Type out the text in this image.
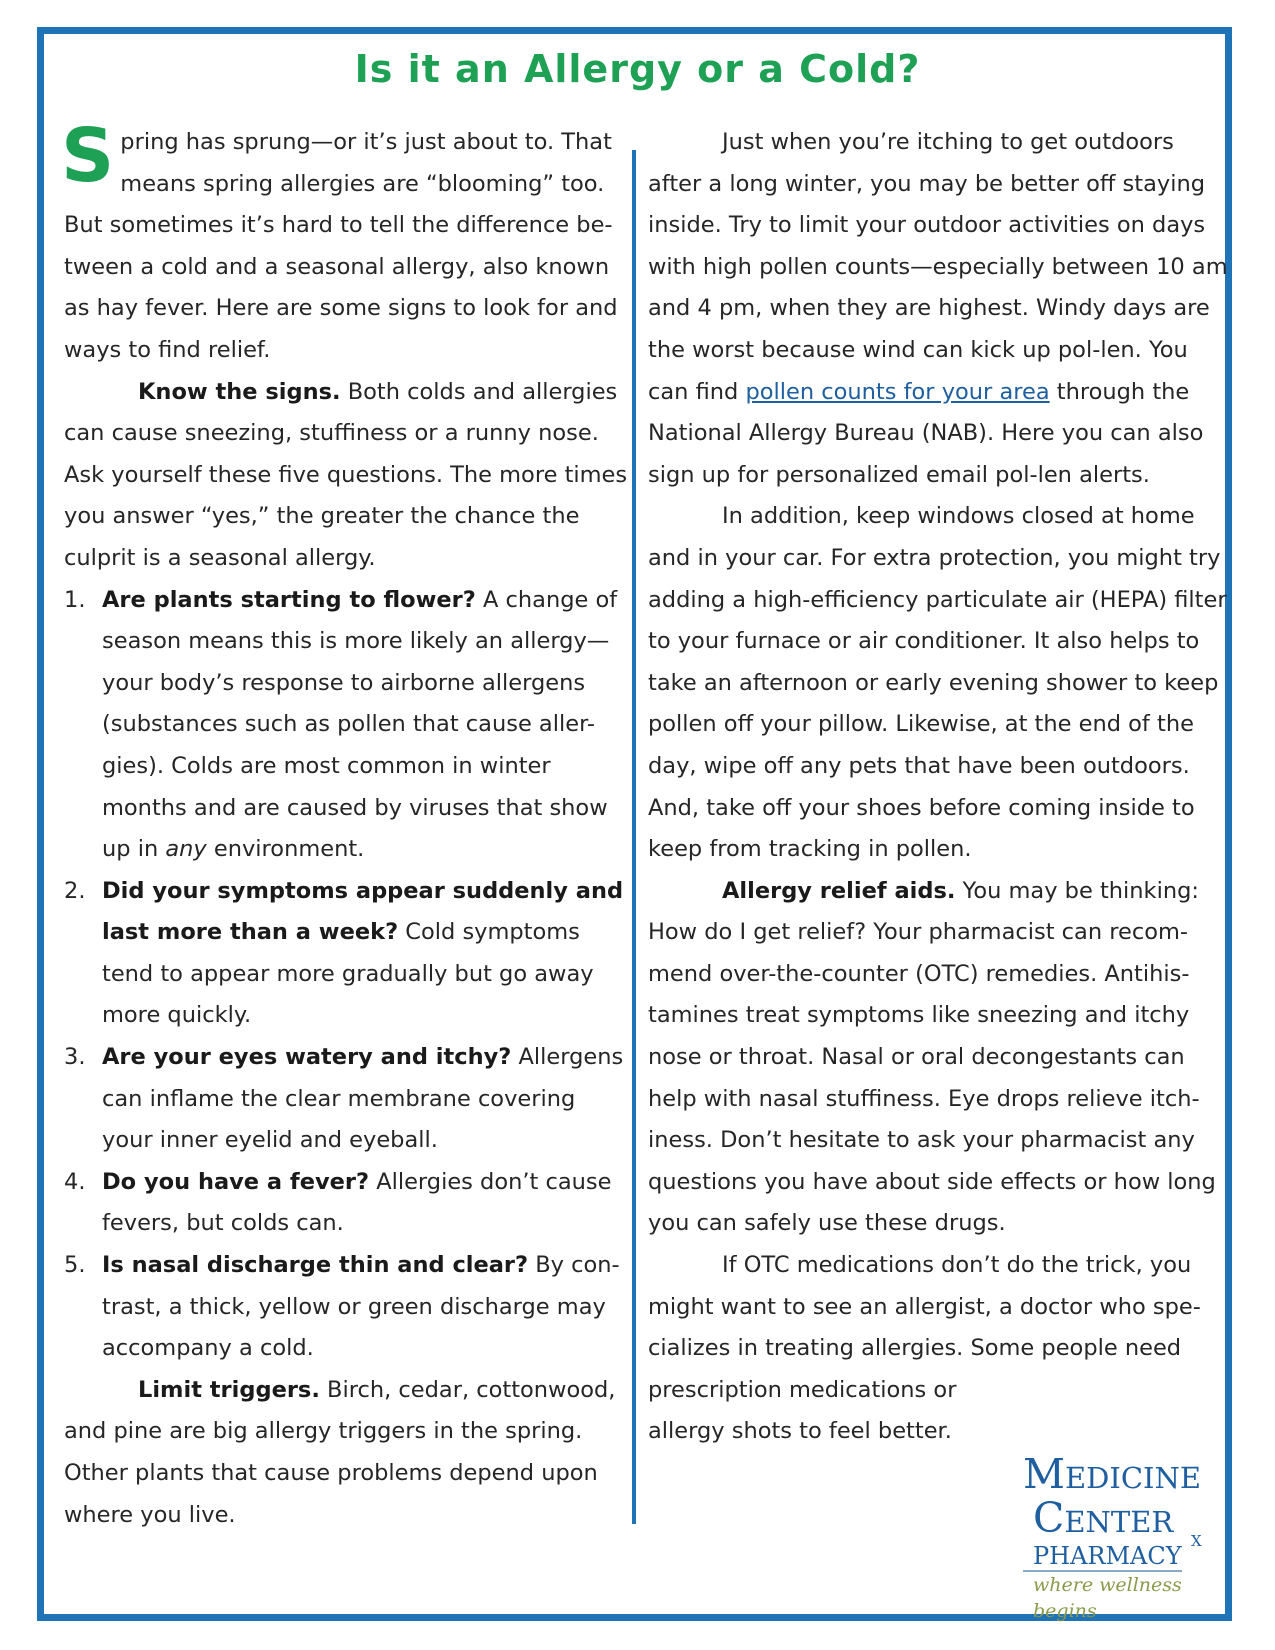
Is it an Allergy or a Cold?

Spring has sprung—or it’s just about to. That means spring allergies are “blooming” too. But sometimes it’s hard to tell the difference be-tween a cold and a seasonal allergy, also known as hay fever. Here are some signs to look for and ways to find relief.

Know the signs. Both colds and allergies can cause sneezing, stuffiness or a runny nose. Ask yourself these five questions. The more times you answer “yes,” the greater the chance the culprit is a seasonal allergy.

1. Are plants starting to flower? A change of season means this is more likely an allergy—your body’s response to airborne allergens (substances such as pollen that cause aller-gies). Colds are most common in winter months and are caused by viruses that show up in any environment.
2. Did your symptoms appear suddenly and last more than a week? Cold symptoms tend to appear more gradually but go away more quickly.
3. Are your eyes watery and itchy? Allergens can inflame the clear membrane covering your inner eyelid and eyeball.
4. Do you have a fever? Allergies don’t cause fevers, but colds can.
5. Is nasal discharge thin and clear? By con-trast, a thick, yellow or green discharge may accompany a cold.

Limit triggers. Birch, cedar, cottonwood, and pine are big allergy triggers in the spring. Other plants that cause problems depend upon where you live.

Just when you’re itching to get outdoors after a long winter, you may be better off staying inside. Try to limit your outdoor activities on days with high pollen counts—especially between 10 am and 4 pm, when they are highest. Windy days are the worst because wind can kick up pol-len. You can find pollen counts for your area through the National Allergy Bureau (NAB). Here you can also sign up for personalized email pol-len alerts.

In addition, keep windows closed at home and in your car. For extra protection, you might try adding a high-efficiency particulate air (HEPA) filter to your furnace or air conditioner. It also helps to take an afternoon or early evening shower to keep pollen off your pillow. Likewise, at the end of the day, wipe off any pets that have been outdoors. And, take off your shoes before coming inside to keep from tracking in pollen.

Allergy relief aids. You may be thinking: How do I get relief? Your pharmacist can recom-mend over-the-counter (OTC) remedies. Antihis-tamines treat symptoms like sneezing and itchy nose or throat. Nasal or oral decongestants can help with nasal stuffiness. Eye drops relieve itch-iness. Don’t hesitate to ask your pharmacist any questions you have about side effects or how long you can safely use these drugs.

If OTC medications don’t do the trick, you might want to see an allergist, a doctor who spe-cializes in treating allergies. Some people need

prescription medications or

allergy shots to feel better.

Medicine
Center x
PHARMACY
where wellness begins
